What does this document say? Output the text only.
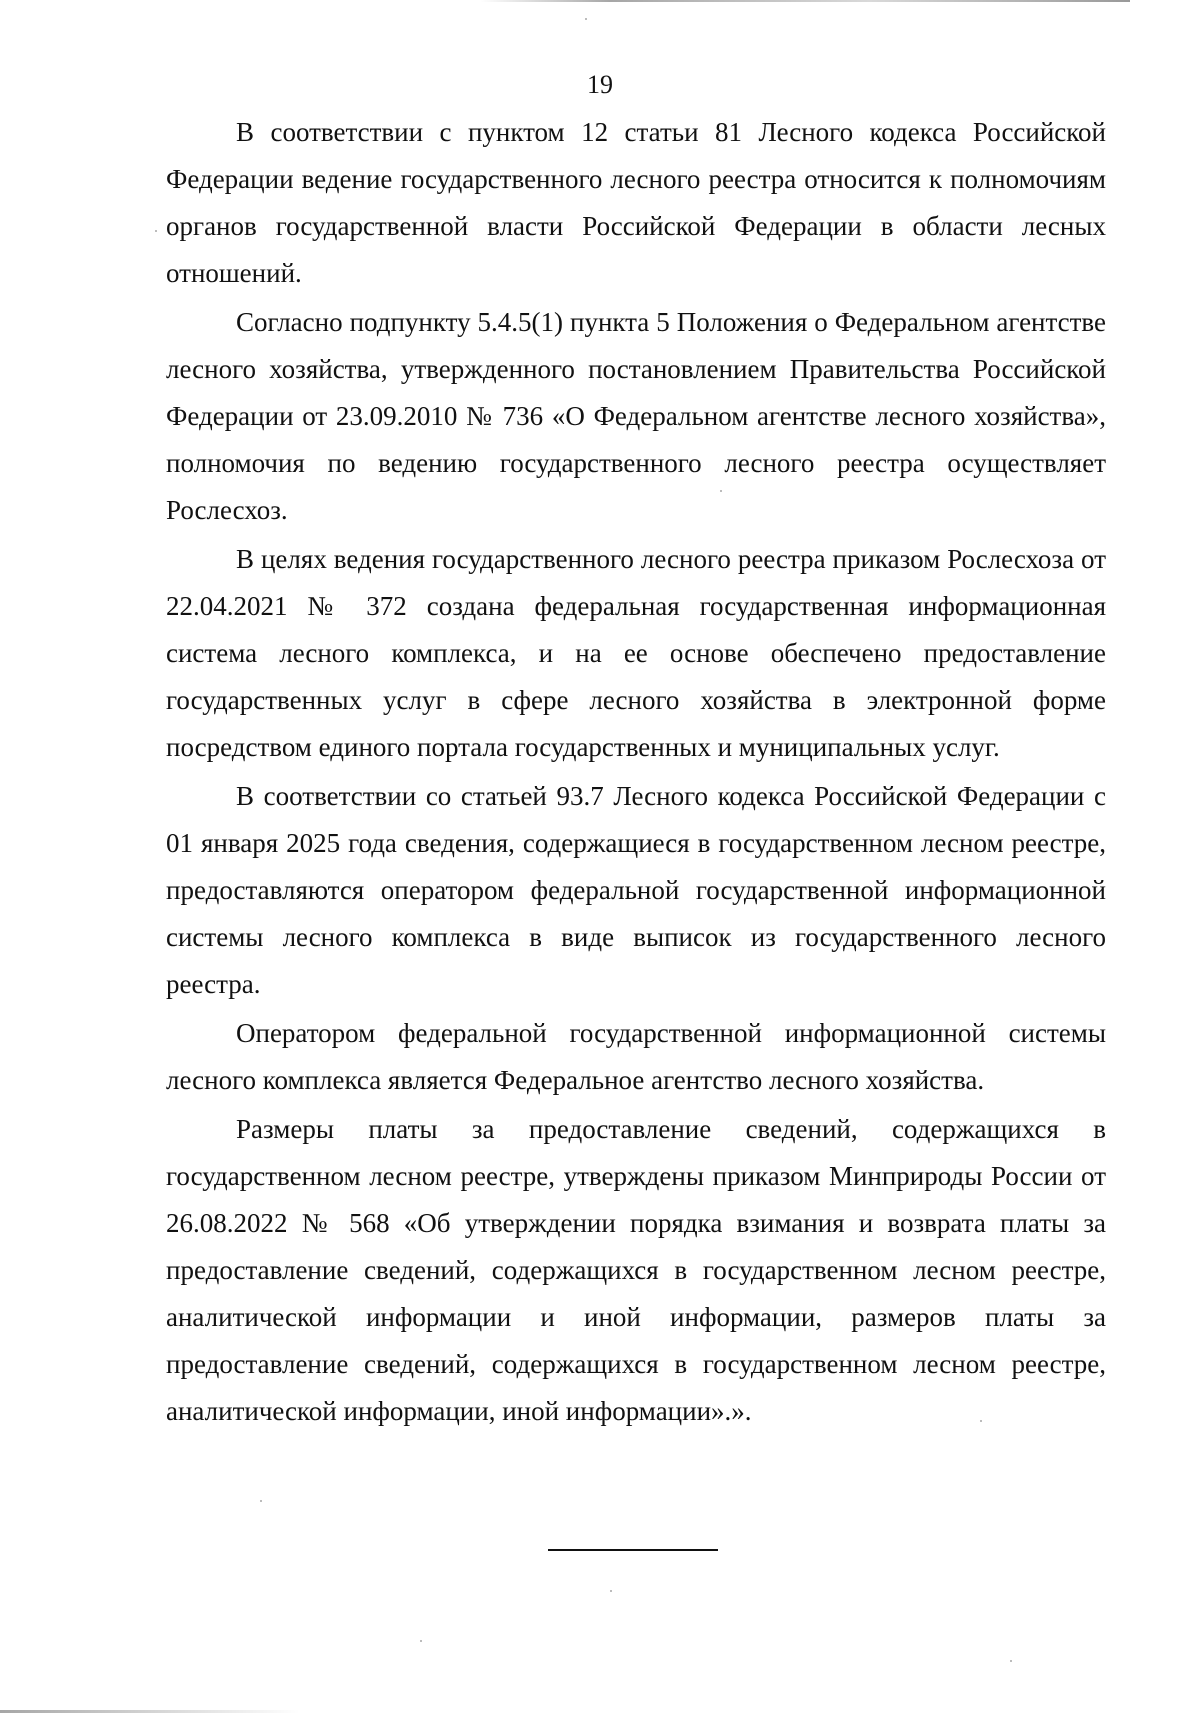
19

В соответствии с пунктом 12 статьи 81 Лесного кодекса Российской Федерации ведение государственного лесного реестра относится к полномочиям органов государственной власти Российской Федерации в области лесных отношений.

Согласно подпункту 5.4.5(1) пункта 5 Положения о Федеральном агентстве лесного хозяйства, утвержденного постановлением Правительства Российской Федерации от 23.09.2010 № 736 «О Федеральном агентстве лесного хозяйства», полномочия по ведению государственного лесного реестра осуществляет Рослесхоз.

В целях ведения государственного лесного реестра приказом Рослесхоза от 22.04.2021 № 372 создана федеральная государственная информационная система лесного комплекса, и на ее основе обеспечено предоставление государственных услуг в сфере лесного хозяйства в электронной форме посредством единого портала государственных и муниципальных услуг.

В соответствии со статьей 93.7 Лесного кодекса Российской Федерации с 01 января 2025 года сведения, содержащиеся в государственном лесном реестре, предоставляются оператором федеральной государственной информационной системы лесного комплекса в виде выписок из государственного лесного реестра.

Оператором федеральной государственной информационной системы лесного комплекса является Федеральное агентство лесного хозяйства.

Размеры платы за предоставление сведений, содержащихся в государственном лесном реестре, утверждены приказом Минприроды России от 26.08.2022 № 568 «Об утверждении порядка взимания и возврата платы за предоставление сведений, содержащихся в государственном лесном реестре, аналитической информации и иной информации, размеров платы за предоставление сведений, содержащихся в государственном лесном реестре, аналитической информации, иной информации».».
